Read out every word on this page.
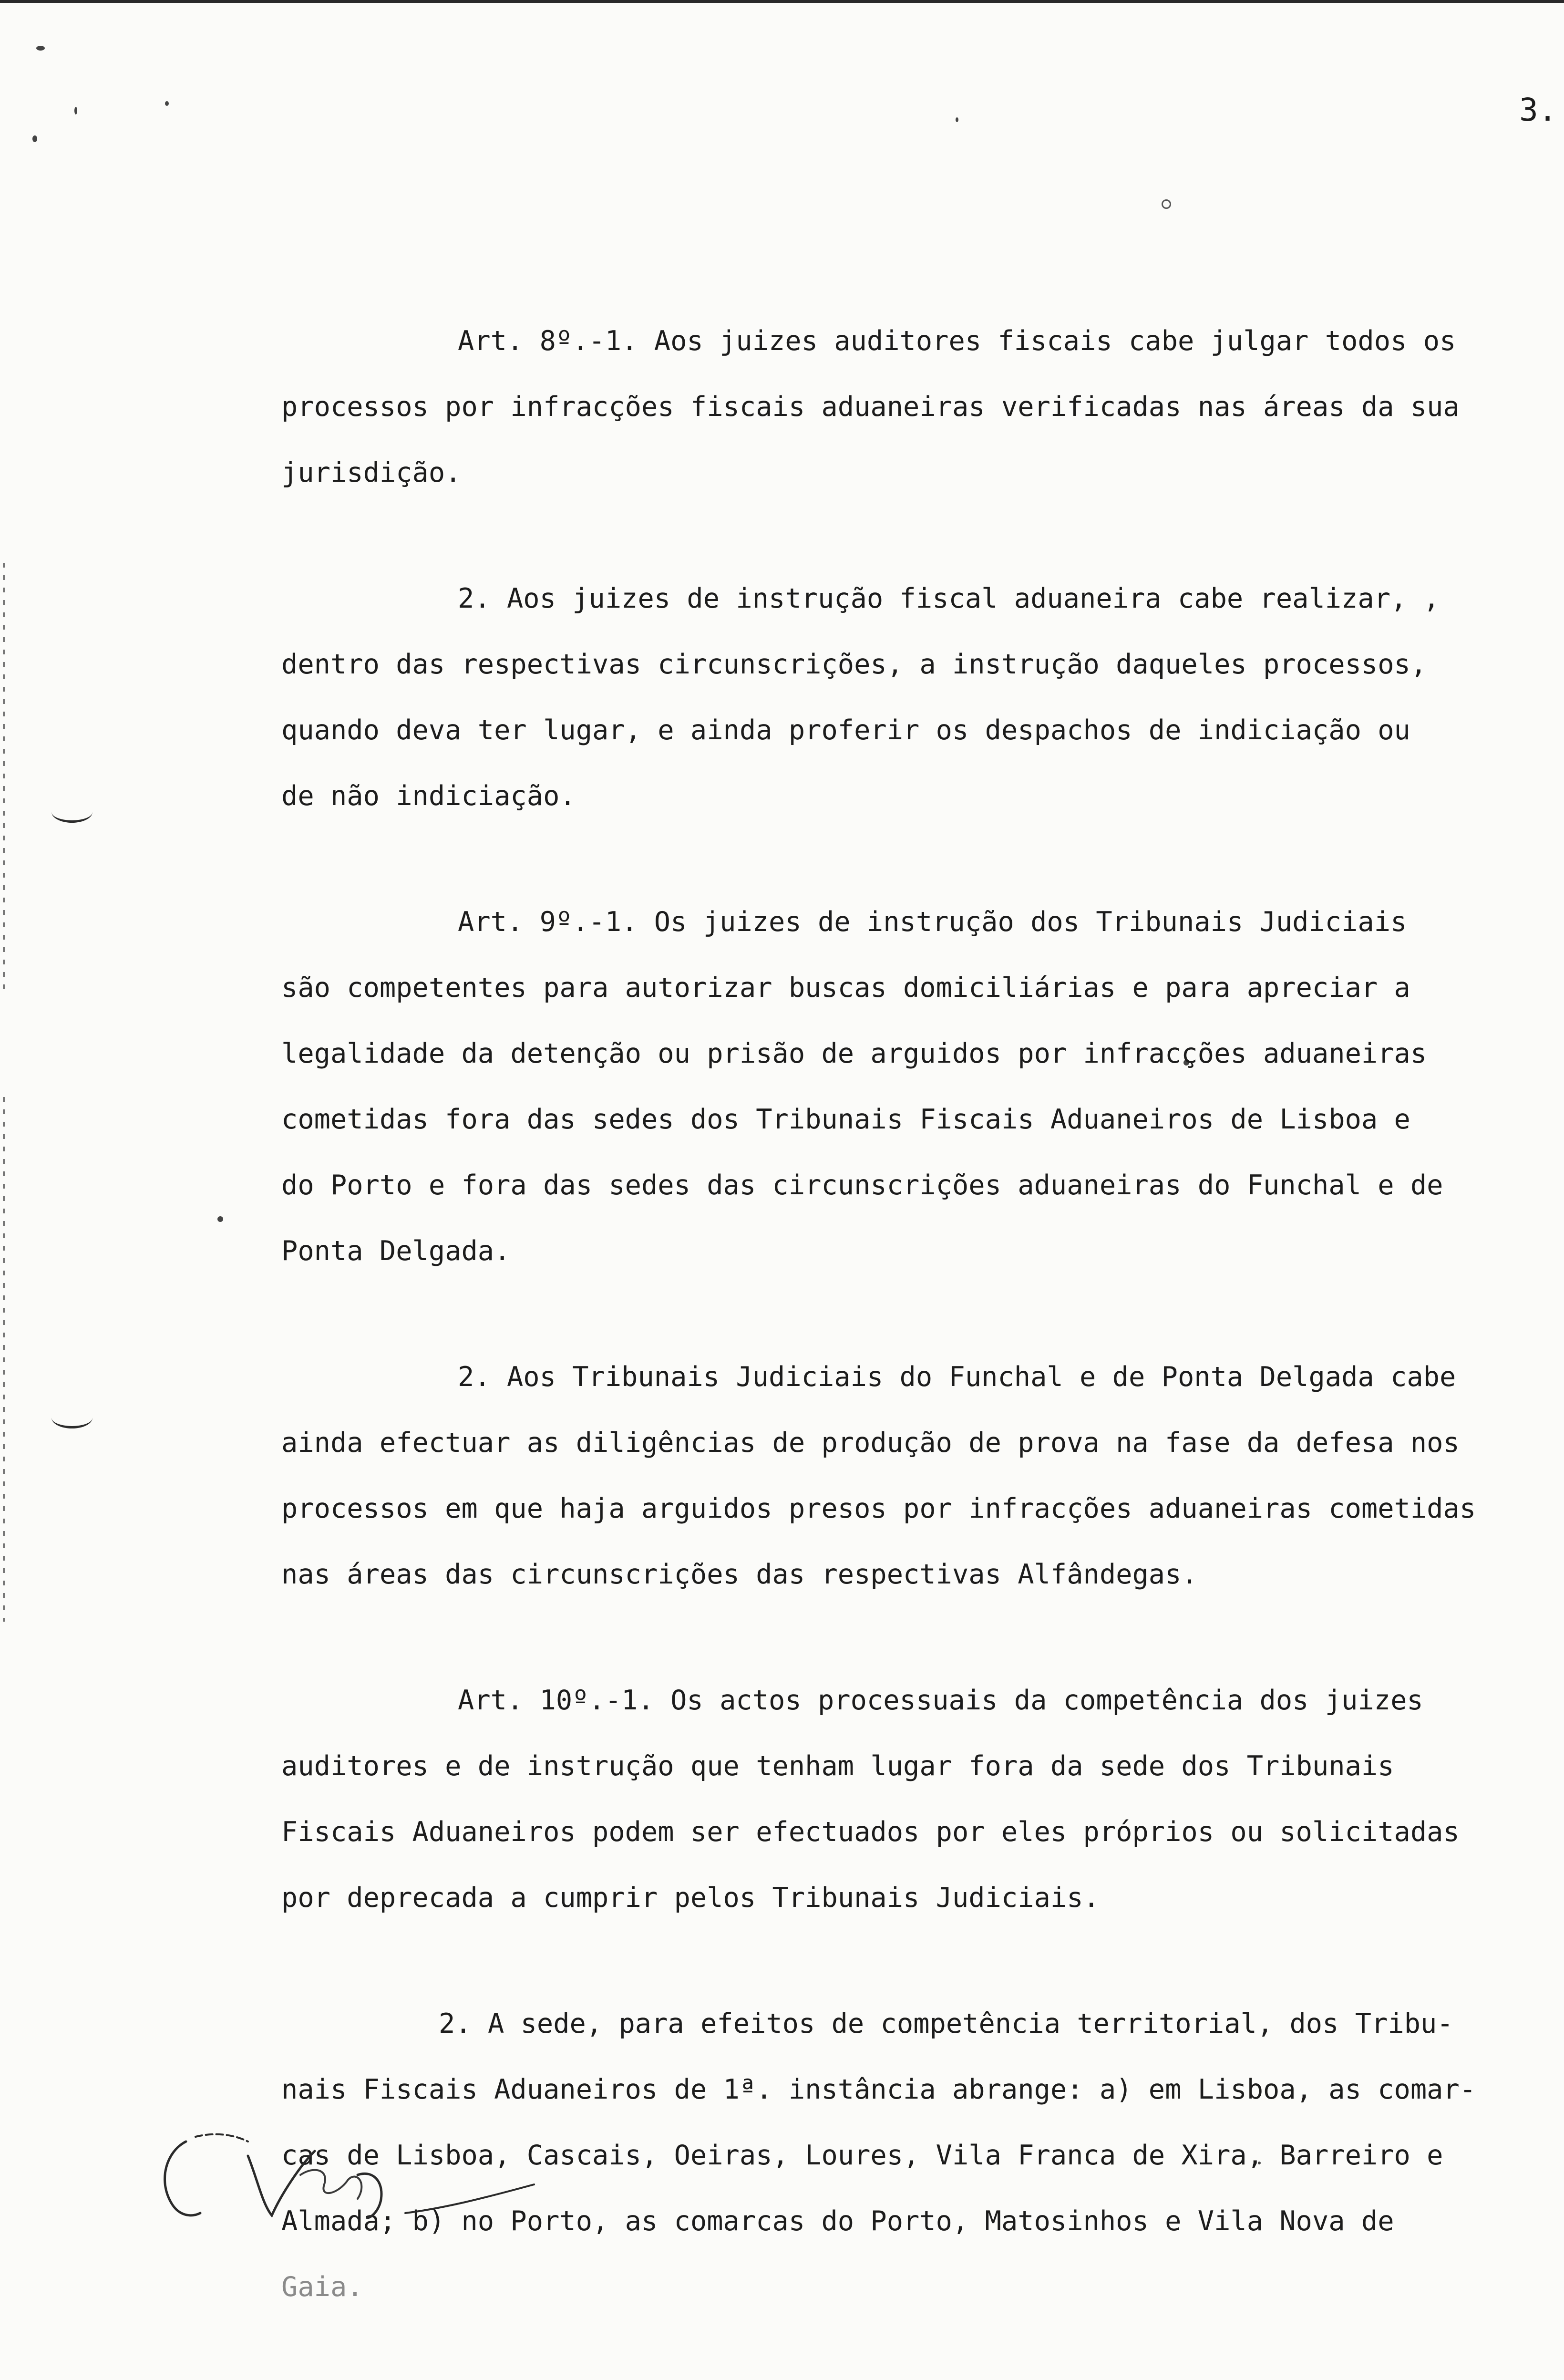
3.
Art. 8º.-1. Aos juizes auditores fiscais cabe julgar todos os
processos por infracções fiscais aduaneiras verificadas nas áreas da sua
jurisdição.
2. Aos juizes de instrução fiscal aduaneira cabe realizar, ,
dentro das respectivas circunscrições, a instrução daqueles processos,
quando deva ter lugar, e ainda proferir os despachos de indiciação ou
de não indiciação.
Art. 9º.-1. Os juizes de instrução dos Tribunais Judiciais
são competentes para autorizar buscas domiciliárias e para apreciar a
legalidade da detenção ou prisão de arguidos por infracções aduaneiras
cometidas fora das sedes dos Tribunais Fiscais Aduaneiros de Lisboa e
do Porto e fora das sedes das circunscrições aduaneiras do Funchal e de
Ponta Delgada.
2. Aos Tribunais Judiciais do Funchal e de Ponta Delgada cabe
ainda efectuar as diligências de produção de prova na fase da defesa nos
processos em que haja arguidos presos por infracções aduaneiras cometidas
nas áreas das circunscrições das respectivas Alfândegas.
Art. 10º.-1. Os actos processuais da competência dos juizes
auditores e de instrução que tenham lugar fora da sede dos Tribunais
Fiscais Aduaneiros podem ser efectuados por eles próprios ou solicitadas
por deprecada a cumprir pelos Tribunais Judiciais.
2. A sede, para efeitos de competência territorial, dos Tribu-
nais Fiscais Aduaneiros de 1ª. instância abrange: a) em Lisboa, as comar-
cas de Lisboa, Cascais, Oeiras, Loures, Vila Franca de Xira, Barreiro e
Almada; b) no Porto, as comarcas do Porto, Matosinhos e Vila Nova de
Gaia.
